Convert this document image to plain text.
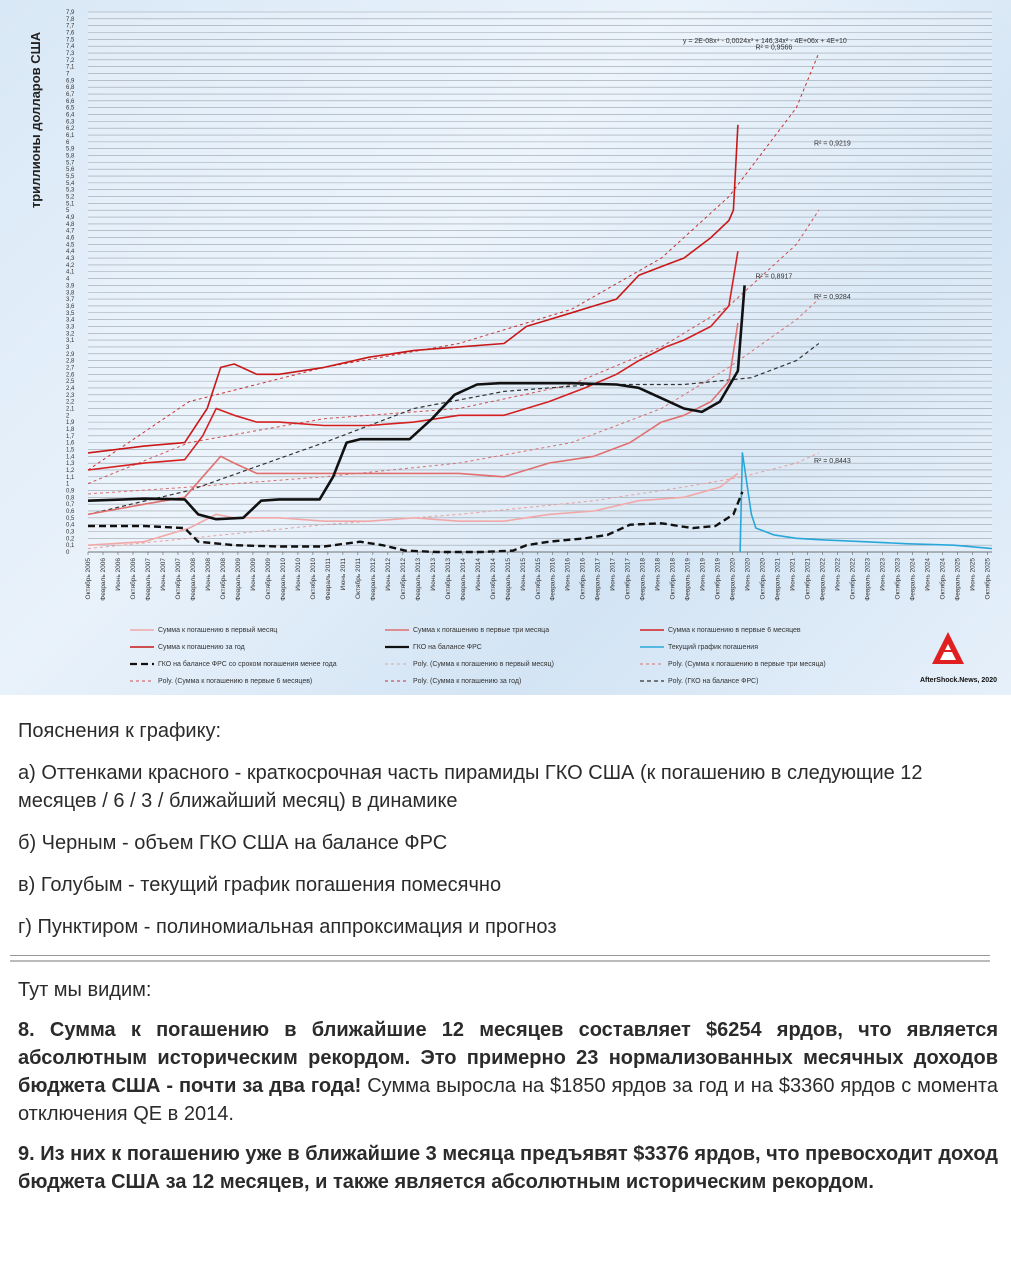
0
0,1
0,2
0,3
0,4
0,5
0,6
0,7
0,8
0,9
1
1,1
1,2
1,3
1,4
1,5
1,6
1,7
1,8
1,9
2
2,1
2,2
2,3
2,4
2,5
2,6
2,7
2,8
2,9
3
3,1
3,2
3,3
3,4
3,5
3,6
3,7
3,8
3,9
4
4,1
4,2
4,3
4,4
4,5
4,6
4,7
4,8
4,9
5
5,1
5,2
5,3
5,4
5,5
5,6
5,7
5,8
5,9
6
6,1
6,2
6,3
6,4
6,5
6,6
6,7
6,8
6,9
7
7,1
7,2
7,3
7,4
7,5
7,6
7,7
7,8
7,9
Октябрь 2005 Февраль 2006 Июнь 2006 Октябрь 2006 Февраль 2007 Июнь 2007 Октябрь 2007 Февраль 2008 Июнь 2008 Октябрь 2008 Февраль 2009 Июнь 2009 Октябрь 2009 Февраль 2010 Июнь 2010 Октябрь 2010 Февраль 2011 Июнь 2011 Октябрь 2011 Февраль 2012 Июнь 2012 Октябрь 2012 Февраль 2013 Июнь 2013 Октябрь 2013 Февраль 2014 Июнь 2014 Октябрь 2014 Февраль 2015 Июнь 2015 Октябрь 2015 Февраль 2016 Июнь 2016 Октябрь 2016 Февраль 2017 Июнь 2017 Октябрь 2017 Февраль 2018 Июнь 2018 Октябрь 2018 Февраль 2019 Июнь 2019 Октябрь 2019 Февраль 2020 Июнь 2020 Октябрь 2020 Февраль 2021 Июнь 2021 Октябрь 2021 Февраль 2022 Июнь 2022 Октябрь 2022 Февраль 2023 Июнь 2023 Октябрь 2023 Февраль 2024 Июнь 2024 Октябрь 2024 Февраль 2025 Июнь 2025 Октябрь 2025
y = 2E-08x⁴ - 0,0024x³ + 146,34x² - 4E+06x + 4E+10
R² = 0,9566
R² = 0,9219
R² = 0,8917
R² = 0,9284
R² = 0,8443
триллионы долларов США
Сумма к погашению в первый месяц	Сумма к погашению в первые три месяца	Сумма к погашению в первые 6 месяцев
Сумма к погашению за год	ГКО на балансе ФРС	Текущий график погашения
ГКО на балансе ФРС со сроком погашения менее года	Poly. (Сумма к погашению в первый месяц)	Poly. (Сумма к погашению в первые три месяца)
Poly. (Сумма к погашению в первые 6 месяцев)	Poly. (Сумма к погашению за год)	Poly. (ГКО на балансе ФРС)	AfterShock.News, 2020

Пояснения к графику:

а) Оттенками красного - краткосрочная часть пирамиды ГКО США (к погашению в следующие 12 месяцев / 6 / 3 / ближайший месяц) в динамике

б) Черным - объем ГКО США на балансе ФРС

в) Голубым - текущий график погашения помесячно

г) Пунктиром - полиномиальная аппроксимация и прогноз

Тут мы видим:

8. Сумма к погашению в ближайшие 12 месяцев составляет $6254 ярдов, что является абсолютным историческим рекордом. Это примерно 23 нормализованных месячных доходов бюджета США - почти за два года! Сумма выросла на $1850 ярдов за год и на $3360 ярдов с момента отключения QE в 2014.

9. Из них к погашению уже в ближайшие 3 месяца предъявят $3376 ярдов, что превосходит доход бюджета США за 12 месяцев, и также является абсолютным историческим рекордом.
